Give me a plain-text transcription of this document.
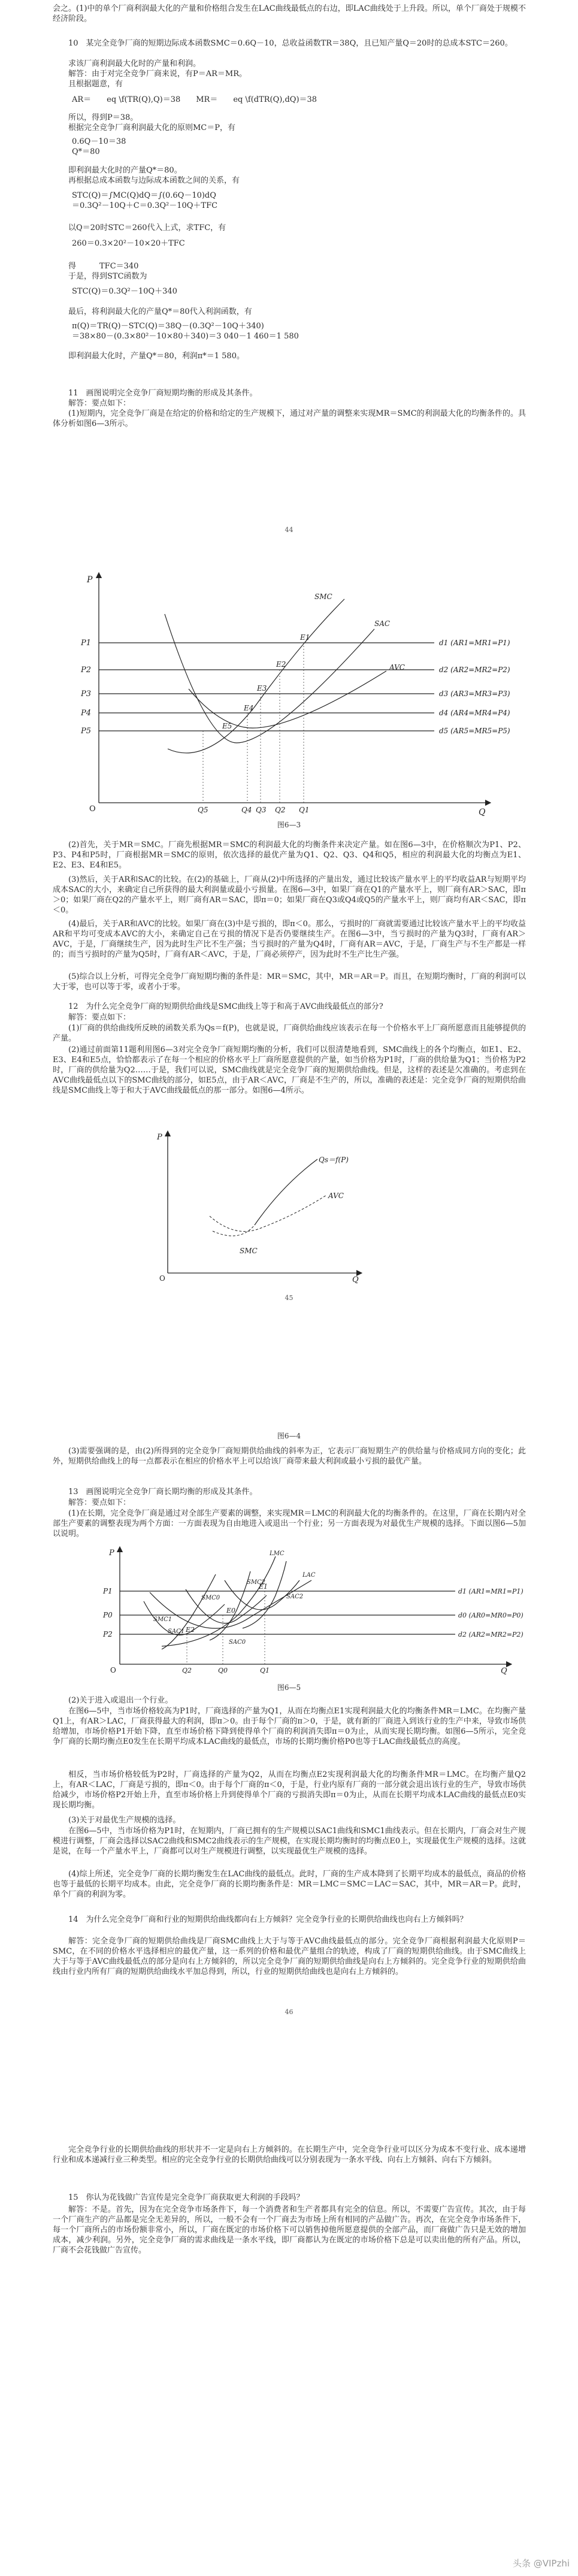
会之。(1)中的单个厂商利润最大化的产量和价格组合发生在LAC曲线最低点的右边，即LAC曲线处于上升段。所以，单个厂商处于规模不经济阶段。

10　某完全竞争厂商的短期边际成本函数SMC＝0.6Q－10，总收益函数TR＝38Q，且已知产量Q＝20时的总成本STC＝260。

求该厂商利润最大化时的产量和利润。

解答：由于对完全竞争厂商来说，有P＝AR＝MR。

且根据题意，有

AR＝　　eq \f(TR(Q),Q)＝38　　MR＝　　eq \f(dTR(Q),dQ)＝38

所以，得到P＝38。

根据完全竞争厂商利润最大化的原则MC＝P，有

0.6Q－10＝38
Q*＝80

即利润最大化时的产量Q*＝80。

再根据总成本函数与边际成本函数之间的关系，有

STC(Q)＝∫MC(Q)dQ＝∫(0.6Q－10)dQ
＝0.3Q²－10Q＋C＝0.3Q²－10Q＋TFC

以Q＝20时STC＝260代入上式，求TFC，有

260＝0.3×20²－10×20＋TFC

得　　　TFC＝340

于是，得到STC函数为

STC(Q)＝0.3Q²－10Q＋340

最后，将利润最大化的产量Q*＝80代入利润函数，有

π(Q)＝TR(Q)－STC(Q)＝38Q－(0.3Q²－10Q＋340)
＝38×80－(0.3×80²－10×80＋340)＝3 040－1 460＝1 580

即利润最大化时，产量Q*＝80，利润π*＝1 580。

11　画图说明完全竞争厂商短期均衡的形成及其条件。

解答：要点如下：

(1)短期内，完全竞争厂商是在给定的价格和给定的生产规模下，通过对产量的调整来实现MR＝SMC的利润最大化的均衡条件的。具体分析如图6—3所示。

44

P
Q
O
P1
P2
P3
P4
P5
d1 (AR1=MR1=P1)
d2 (AR2=MR2=P2)
d3 (AR3=MR3=P3)
d4 (AR4=MR4=P4)
d5 (AR5=MR5=P5)
SMC
SAC
AVC
E1
E2
E3
E4
E5
Q5	Q4 Q3 Q2 Q1

图6—3

(2)首先，关于MR＝SMC。厂商先根据MR＝SMC的利润最大化的均衡条件来决定产量。如在图6—3中，在价格顺次为P1、P2、P3、P4和P5时，厂商根据MR＝SMC的原则，依次选择的最优产量为Q1、Q2、Q3、Q4和Q5，相应的利润最大化的均衡点为E1、E2、E3、E4和E5。

(3)然后，关于AR和SAC的比较。在(2)的基础上，厂商从(2)中所选择的产量出发，通过比较该产量水平上的平均收益AR与短期平均成本SAC的大小，来确定自己所获得的最大利润量或最小亏损量。在图6—3中，如果厂商在Q1的产量水平上，则厂商有AR＞SAC，即π＞0；如果厂商在Q2的产量水平上，则厂商有AR＝SAC，即π＝0；如果厂商在Q3或Q4或Q5的产量水平上，则厂商均有AR＜SAC，即π＜0。

(4)最后，关于AR和AVC的比较。如果厂商在(3)中是亏损的，即π＜0。那么，亏损时的厂商就需要通过比较该产量水平上的平均收益AR和平均可变成本AVC的大小，来确定自己在亏损的情况下是否仍要继续生产。在图6—3中，当亏损时的产量为Q3时，厂商有AR＞AVC，于是，厂商继续生产，因为此时生产比不生产强；当亏损时的产量为Q4时，厂商有AR＝AVC，于是，厂商生产与不生产都是一样的；而当亏损时的产量为Q5时，厂商有AR＜AVC，于是，厂商必须停产，因为此时不生产比生产强。

(5)综合以上分析，可得完全竞争厂商短期均衡的条件是：MR＝SMC，其中，MR＝AR＝P。而且，在短期均衡时，厂商的利润可以大于零，也可以等于零，或者小于零。

12　为什么完全竞争厂商的短期供给曲线是SMC曲线上等于和高于AVC曲线最低点的部分?

解答：要点如下：

(1)厂商的供给曲线所反映的函数关系为Qs＝f(P)，也就是说，厂商供给曲线应该表示在每一个价格水平上厂商所愿意而且能够提供的产量。

(2)通过前面第11题利用图6—3对完全竞争厂商短期均衡的分析，我们可以很清楚地看到，SMC曲线上的各个均衡点，如E1、E2、E3、E4和E5点，恰恰都表示了在每一个相应的价格水平上厂商所愿意提供的产量，如当价格为P1时，厂商的供给量为Q1；当价格为P2时，厂商的供给量为Q2……于是，我们可以说，SMC曲线就是完全竞争厂商的短期供给曲线。但是，这样的表述是欠准确的。考虑到在AVC曲线最低点以下的SMC曲线的部分，如E5点，由于AR＜AVC，厂商是不生产的，所以，准确的表述是：完全竞争厂商的短期供给曲线是SMC曲线上等于和大于AVC曲线最低点的那一部分。如图6—4所示。

P
Q
O
Qs＝f(P)
AVC
SMC

45

图6—4

(3)需要强调的是，由(2)所得到的完全竞争厂商短期供给曲线的斜率为正，它表示厂商短期生产的供给量与价格成同方向的变化；此外，短期供给曲线上的每一点都表示在相应的价格水平上可以给该厂商带来最大利润或最小亏损的最优产量。

13　画图说明完全竞争厂商长期均衡的形成及其条件。

解答：要点如下：

(1)在长期，完全竞争厂商是通过对全部生产要素的调整，来实现MR＝LMC的利润最大化的均衡条件的。在这里，厂商在长期内对全部生产要素的调整表现为两个方面：一方面表现为自由地进入或退出一个行业；另一方面表现为对最优生产规模的选择。下面以图6—5加以说明。

P
Q
O
P1
P0
P2
d1 (AR1=MR1=P1)
d0 (AR0=MR0=P0)
d2 (AR2=MR2=P2)
SMC1
SAC1
SMC0
SAC0
SMC2
SAC2
LMC
LAC
E1
E0
E2
Q2	Q0	Q1

图6—5

(2)关于进入或退出一个行业。

在图6—5中，当市场价格较高为P1时，厂商选择的产量为Q1，从而在均衡点E1实现利润最大化的均衡条件MR＝LMC。在均衡产量Q1上，有AR＞LAC，厂商获得最大的利润，即π＞0。由于每个厂商的π＞0，于是，就有新的厂商进入到该行业的生产中来，导致市场供给增加，市场价格P1开始下降，直至市场价格下降到使得单个厂商的利润消失即π＝0为止，从而实现长期均衡。如图6—5所示，完全竞争厂商的长期均衡点E0发生在长期平均成本LAC曲线的最低点，市场的长期均衡价格P0也等于LAC曲线最低点的高度。

相反，当市场价格较低为P2时，厂商选择的产量为Q2，从而在均衡点E2实现利润最大化的均衡条件MR＝LMC。在均衡产量Q2上，有AR＜LAC，厂商是亏损的，即π＜0。由于每个厂商的π＜0，于是，行业内原有厂商的一部分就会退出该行业的生产，导致市场供给减少，市场价格P2开始上升，直至市场价格上升到使得单个厂商的亏损消失即π＝0为止，从而在长期平均成本LAC曲线的最低点E0实现长期均衡。

(3)关于对最优生产规模的选择。

在图6—5中，当市场价格为P1时，在短期内，厂商已拥有的生产规模以SAC1曲线和SMC1曲线表示。但在长期内，厂商会对生产规模进行调整，厂商会选择以SAC2曲线和SMC2曲线表示的生产规模，在实现长期均衡时的均衡点E0上，实现最优生产规模的选择。这就是说，在每一个产量水平上，厂商都可以对生产规模进行调整，以实现最优生产规模的选择。

(4)综上所述，完全竞争厂商的长期均衡发生在LAC曲线的最低点。此时，厂商的生产成本降到了长期平均成本的最低点，商品的价格也等于最低的长期平均成本。由此，完全竞争厂商的长期均衡条件是：MR＝LMC＝SMC＝LAC＝SAC，其中，MR＝AR＝P。此时，单个厂商的利润为零。

14　为什么完全竞争厂商和行业的短期供给曲线都向右上方倾斜？完全竞争行业的长期供给曲线也向右上方倾斜吗？

解答：完全竞争厂商的短期供给曲线是厂商SMC曲线上大于与等于AVC曲线最低点的部分。完全竞争厂商根据利润最大化原则P＝SMC，在不同的价格水平选择相应的最优产量，这一系列的价格和最优产量组合的轨迹，构成了厂商的短期供给曲线。由于SMC曲线上大于与等于AVC曲线最低点的部分是向右上方倾斜的，所以完全竞争厂商的短期供给曲线是向右上方倾斜的。完全竞争行业的短期供给曲线由行业内所有厂商的短期供给曲线水平加总得到，所以，行业的短期供给曲线也是向右上方倾斜的。

46

完全竞争行业的长期供给曲线的形状并不一定是向右上方倾斜的。在长期生产中，完全竞争行业可以区分为成本不变行业、成本递增行业和成本递减行业三种类型。相应的完全竞争行业的长期供给曲线可以分别表现为一条水平线、向右上方倾斜、向右下方倾斜。

15　你认为花钱做广告宣传是完全竞争厂商获取更大利润的手段吗？

解答：不是。首先，因为在完全竞争市场条件下，每一个消费者和生产者都具有完全的信息。所以，不需要广告宣传。其次，由于每一个厂商生产的产品都是完全无差异的，所以，一般不会有一个厂商去为市场上所有相同的产品做广告。再次，在完全竞争市场条件下，每一个厂商所占的市场份额非常小，所以，厂商在既定的市场价格下可以销售掉他所愿意提供的全部产品，而厂商做广告只是无效的增加成本，减少利润。另外，完全竞争厂商的需求曲线是一条水平线，即厂商都认为在既定的市场价格下总是可以卖出他的所有产品。所以，厂商不会花钱做广告宣传。

头条 @VIPzhi
